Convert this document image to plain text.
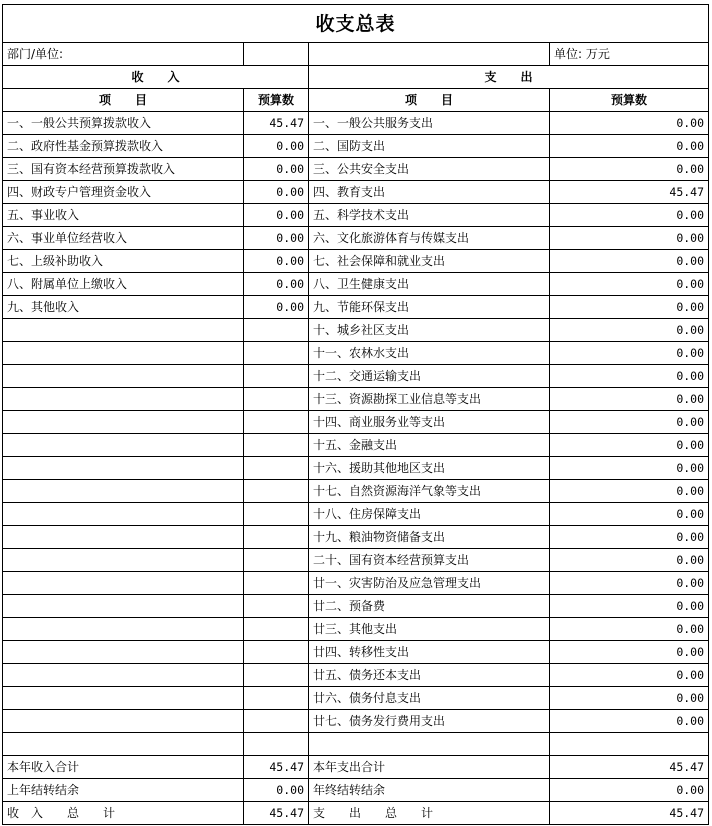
收支总表			
部门/单位:			单位: 万元
收　　入		支　　出	
项　　目	预算数	项　　目	预算数
一、一般公共预算拨款收入	45.47	一、一般公共服务支出	0.00
二、政府性基金预算拨款收入	0.00	二、国防支出	0.00
三、国有资本经营预算拨款收入	0.00	三、公共安全支出	0.00
四、财政专户管理资金收入	0.00	四、教育支出	45.47
五、事业收入	0.00	五、科学技术支出	0.00
六、事业单位经营收入	0.00	六、文化旅游体育与传媒支出	0.00
七、上级补助收入	0.00	七、社会保障和就业支出	0.00
八、附属单位上缴收入	0.00	八、卫生健康支出	0.00
九、其他收入	0.00	九、节能环保支出	0.00
		十、城乡社区支出	0.00
		十一、农林水支出	0.00
		十二、交通运输支出	0.00
		十三、资源勘探工业信息等支出	0.00
		十四、商业服务业等支出	0.00
		十五、金融支出	0.00
		十六、援助其他地区支出	0.00
		十七、自然资源海洋气象等支出	0.00
		十八、住房保障支出	0.00
		十九、粮油物资储备支出	0.00
		二十、国有资本经营预算支出	0.00
		廿一、灾害防治及应急管理支出	0.00
		廿二、预备费	0.00
		廿三、其他支出	0.00
		廿四、转移性支出	0.00
		廿五、债务还本支出	0.00
		廿六、债务付息支出	0.00
		廿七、债务发行费用支出	0.00

本年收入合计	45.47	本年支出合计	45.47
上年结转结余	0.00	年终结转结余	0.00
收　入　　总　　计	45.47	支　　出　　总　　计	45.47
